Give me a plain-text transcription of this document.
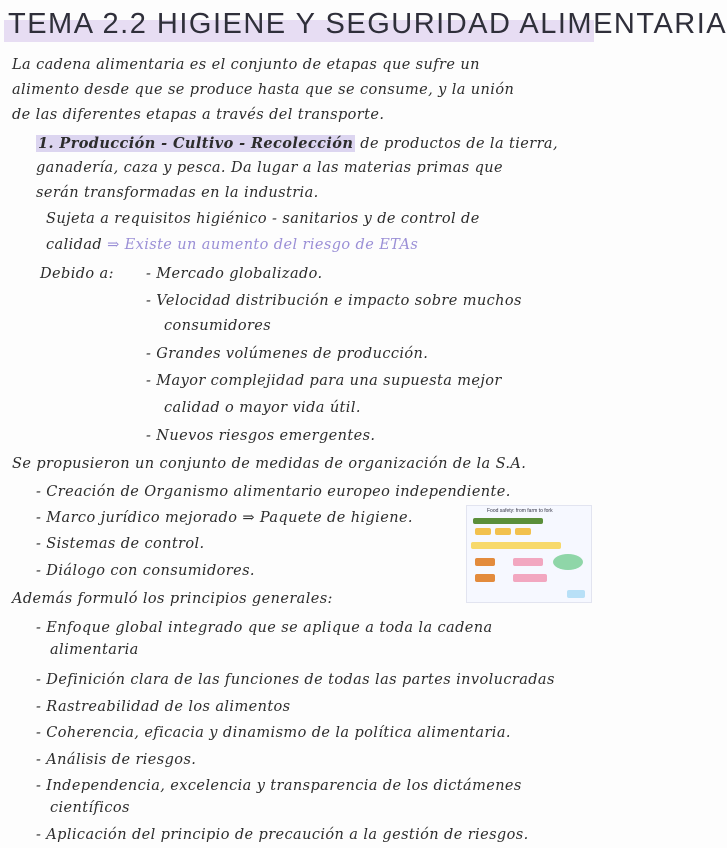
TEMA 2.2 HIGIENE Y SEGURIDAD ALIMENTARIA
La cadena alimentaria es el conjunto de etapas que sufre un
alimento desde que se produce hasta que se consume, y la unión
de las diferentes etapas a través del transporte.
1. Producción - Cultivo - Recolección de productos de la tierra,
ganadería, caza y pesca. Da lugar a las materias primas que
serán transformadas en la industria.
Sujeta a requisitos higiénico - sanitarios y de control de
calidad ⇒ Existe un aumento del riesgo de ETAs
Debido a: - Mercado globalizado.
- Velocidad distribución e impacto sobre muchos
consumidores
- Grandes volúmenes de producción.
- Mayor complejidad para una supuesta mejor
calidad o mayor vida útil.
- Nuevos riesgos emergentes.
Se propusieron un conjunto de medidas de organización de la S.A.
- Creación de Organismo alimentario europeo independiente.
- Marco jurídico mejorado ⇒ Paquete de higiene.
- Sistemas de control.
- Diálogo con consumidores.
Food safety: from farm to fork
Además formuló los principios generales:
- Enfoque global integrado que se aplique a toda la cadena
alimentaria
- Definición clara de las funciones de todas las partes involucradas
- Rastreabilidad de los alimentos
- Coherencia, eficacia y dinamismo de la política alimentaria.
- Análisis de riesgos.
- Independencia, excelencia y transparencia de los dictámenes
científicos
- Aplicación del principio de precaución a la gestión de riesgos.
